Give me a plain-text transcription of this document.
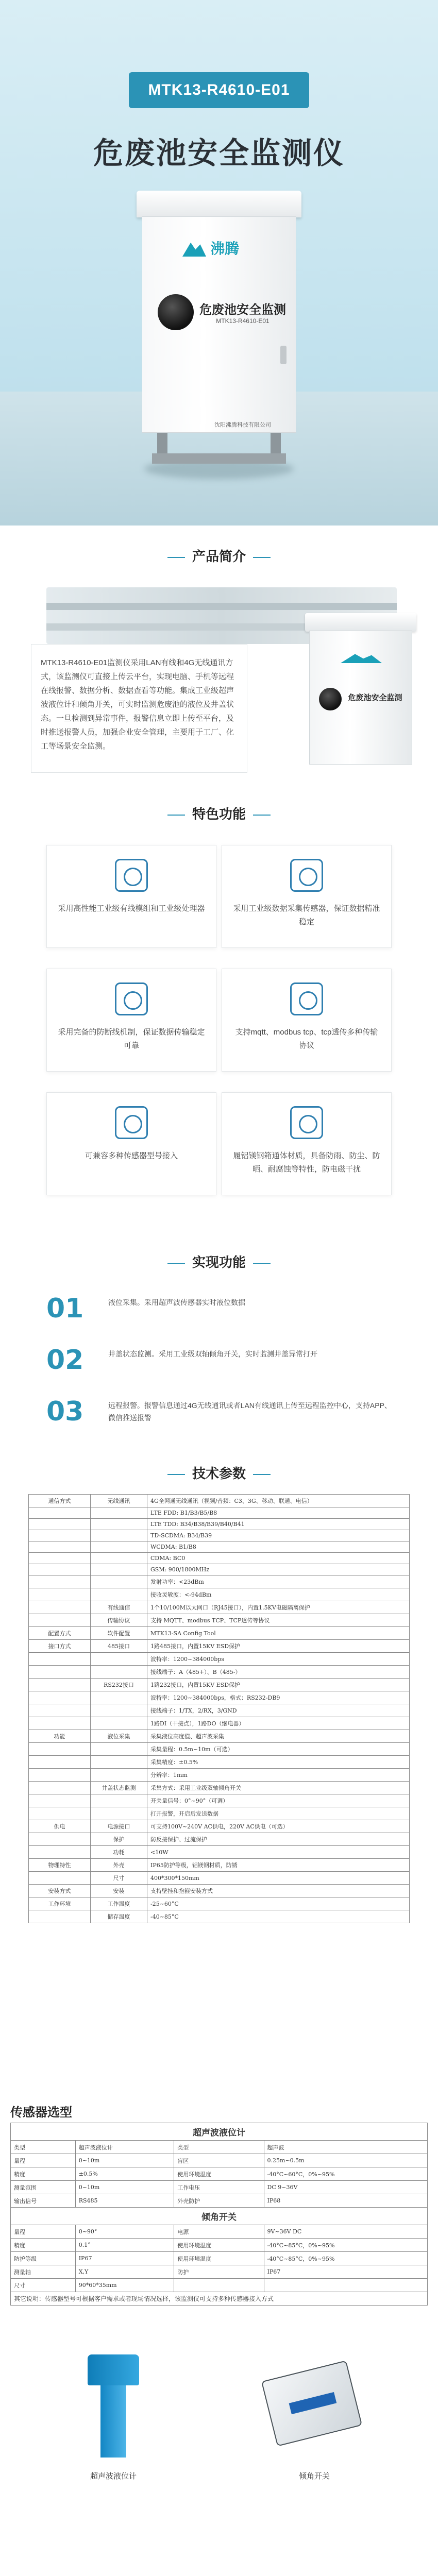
MTK13-R4610-E01
危废池安全监测仪
沸腾
危废池安全监测
MTK13-R4610-E01
沈阳沸腾科技有限公司
产品简介
MTK13-R4610-E01监测仪采用LAN有线和4G无线通讯方式，该监测仪可直接上传云平台，实现电脑、手机等远程在线报警、数据分析、数据查看等功能。集成工业级超声波液位计和倾角开关，可实时监测危废池的液位及井盖状态。一旦检测到异常事件，报警信息立即上传至平台，及时推送报警人员，加强企业安全管理，主要用于工厂、化工等场景安全监测。
危废池安全监测
特色功能
采用高性能工业级有线模组和工业级处理器	采用工业级数据采集传感器，保证数据精准稳定
采用完备的防断线机制，保证数据传输稳定可靠
支持mqtt、modbus tcp、tcp透传多种传输协议
可兼容多种传感器型号接入	履铝镁钢箱通体材质，具备防雨、防尘、防晒、耐腐蚀等特性，防电磁干扰
实现功能
01	液位采集。采用超声波传感器实时液位数据
02	井盖状态监测。采用工业级双轴倾角开关，实时监测井盖异常打开
03	远程报警。报警信息通过4G无线通讯或者LAN有线通讯上传至远程监控中心，支持APP、微信推送报警
技术参数
通信方式	无线通讯	4G全网通无线通讯（视频/音频：C3、3G、移动、联通、电信）
		LTE FDD: B1/B3/B5/B8
		LTE TDD: B34/B38/B39/B40/B41
		TD-SCDMA: B34/B39
		WCDMA: B1/B8
		CDMA: BC0
		GSM: 900/1800MHz
		发射功率：<23dBm
		接收灵敏度：<-94dBm
	有线通信	1个10/100M以太网口（RJ45接口），内置1.5KV电磁隔离保护
	传输协议	支持 MQTT、modbus TCP、TCP透传等协议
配置方式	软件配置	MTK13-SA Config Tool
接口方式	485接口	1路485接口，内置15KV ESD保护
		波特率：1200~384000bps
		接线端子：A（485+）、B（485-）
	RS232接口	1路232接口，内置15KV ESD保护
		波特率：1200~384000bps，格式：RS232-DB9
		接线端子：1/TX，2/RX，3/GND
		1路DI（干接点），1路DO（继电器）
功能	液位采集	采集液位高度值、超声波采集
		采集量程：0.5m~10m（可选）
		采集精度：±0.5%
		分辨率：1mm
	井盖状态监测	采集方式：采用工业级双轴倾角开关
		开关量信号：0°~90°（可调）
		打开报警，开启后发送数据
供电	电源接口	可支持100V~240V AC供电，220V AC供电（可选）
	保护	防反接保护、过流保护
	功耗	<10W
物理特性	外壳	IP65防护等级，铝镁钢材质，防锈
	尺寸	400*300*150mm
安装方式	安装	支持壁挂和抱箍安装方式
工作环境	工作温度	-25~60°C
	储存温度	-40~85°C
传感器选型
超声波液位计			
类型	超声波液位计	类型	超声波
量程	0~10m	盲区	0.25m~0.5m
精度	±0.5%	使用环境温度	-40°C~60°C，0%~95%
测量范围	0~10m	工作电压	DC 9~36V
输出信号	RS485	外壳防护	IP68
倾角开关			
量程	0~90°	电源	9V~36V DC
精度	0.1°	使用环境温度	-40°C~85°C，0%~95%
防护等级	IP67	使用环境温度	-40°C~85°C，0%~95%
测量轴	X,Y	防护	IP67
尺寸	90*60*35mm		
其它说明：传感器型号可根据客户需求或者现场情况选择，该监测仪可支持多种传感器接入方式			
超声波液位计	倾角开关
